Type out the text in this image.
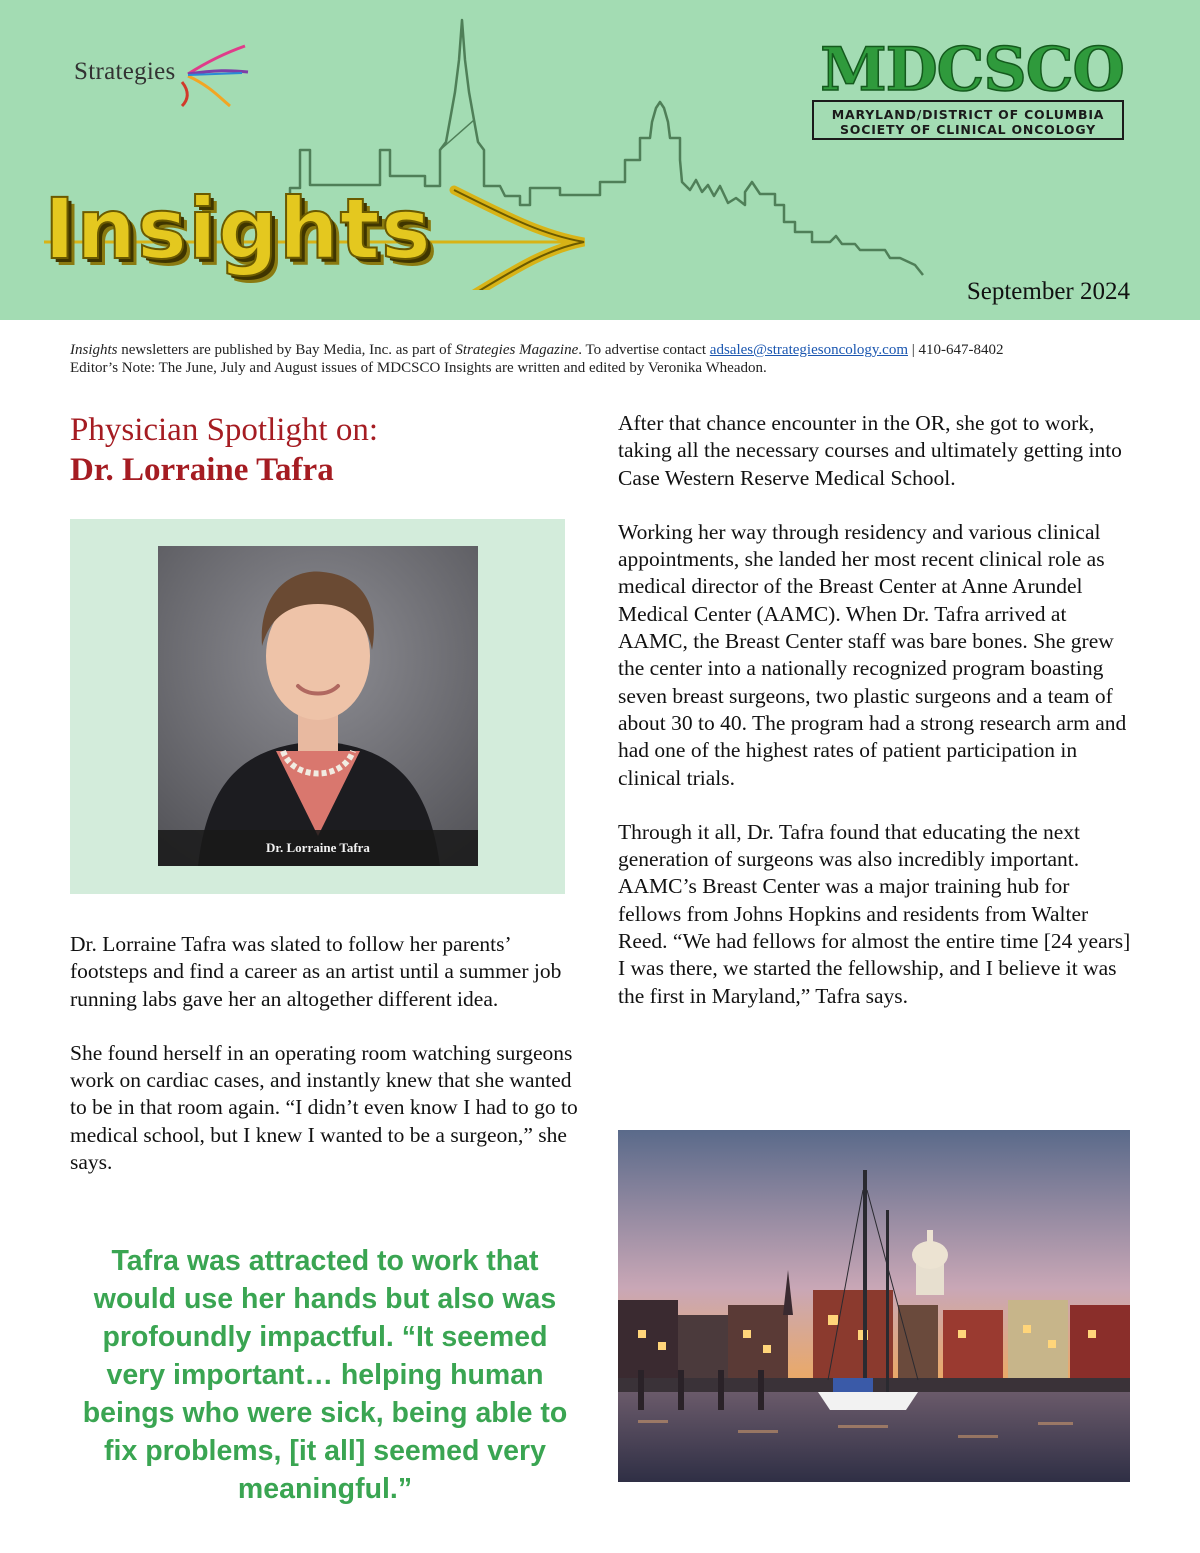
Strategies
Insights
MDCSCO
MARYLAND/DISTRICT OF COLUMBIA
SOCIETY OF CLINICAL ONCOLOGY
September 2024

Insights newsletters are published by Bay Media, Inc. as part of Strategies Magazine. To advertise contact adsales@strategiesoncology.com | 410-647-8402

Editor’s Note: The June, July and August issues of MDCSCO Insights are written and edited by Veronika Wheadon.

Physician Spotlight on:
Dr. Lorraine Tafra
Dr. Lorraine Tafra

Dr. Lorraine Tafra was slated to follow her parents’ footsteps and find a career as an artist until a summer job running labs gave her an altogether different idea.

She found herself in an operating room watching surgeons work on cardiac cases, and instantly knew that she wanted to be in that room again. “I didn’t even know I had to go to medical school, but I knew I wanted to be a surgeon,” she says.

Tafra was attracted to work that would use her hands but also was profoundly impactful. “It seemed very important… helping human beings who were sick, being able to fix problems, [it all] seemed very meaningful.”

After that chance encounter in the OR, she got to work, taking all the necessary courses and ultimately getting into Case Western Reserve Medical School.

Working her way through residency and various clinical appointments, she landed her most recent clinical role as medical director of the Breast Center at Anne Arundel Medical Center (AAMC). When Dr. Tafra arrived at AAMC, the Breast Center staff was bare bones. She grew the center into a nationally recognized program boasting seven breast surgeons, two plastic surgeons and a team of about 30 to 40. The program had a strong research arm and had one of the highest rates of patient participation in clinical trials.

Through it all, Dr. Tafra found that educating the next generation of surgeons was also incredibly important. AAMC’s Breast Center was a major training hub for fellows from Johns Hopkins and residents from Walter Reed. “We had fellows for almost the entire time [24 years] I was there, we started the fellowship, and I believe it was the first in Maryland,” Tafra says.
